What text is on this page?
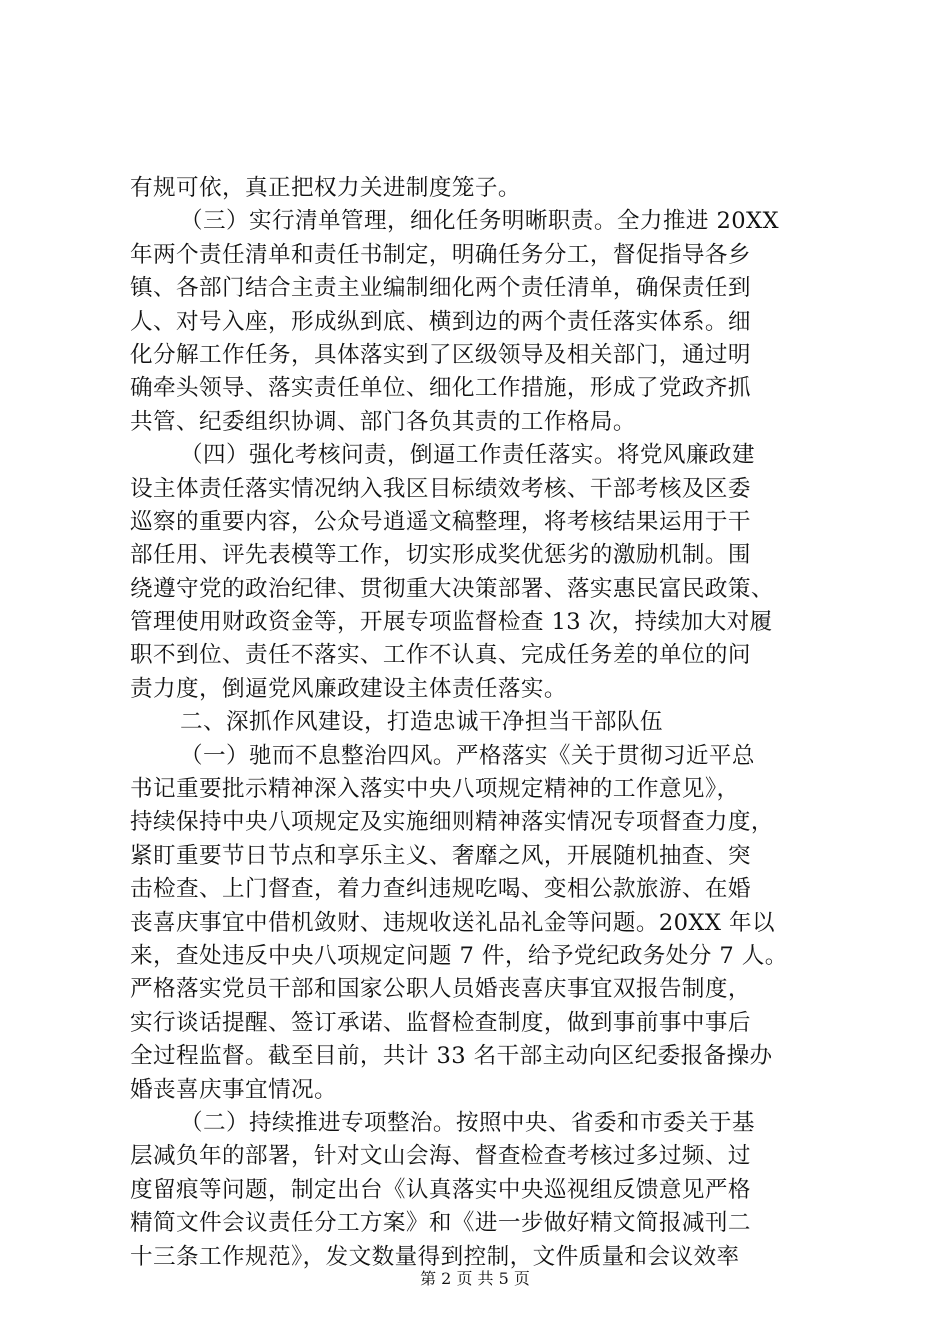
有规可依，真正把权力关进制度笼子。
（三）实行清单管理，细化任务明晰职责。全力推进 20XX
年两个责任清单和责任书制定，明确任务分工，督促指导各乡
镇、各部门结合主责主业编制细化两个责任清单，确保责任到
人、对号入座，形成纵到底、横到边的两个责任落实体系。细
化分解工作任务，具体落实到了区级领导及相关部门，通过明
确牵头领导、落实责任单位、细化工作措施，形成了党政齐抓
共管、纪委组织协调、部门各负其责的工作格局。
（四）强化考核问责，倒逼工作责任落实。将党风廉政建
设主体责任落实情况纳入我区目标绩效考核、干部考核及区委
巡察的重要内容，公众号逍遥文稿整理，将考核结果运用于干
部任用、评先表模等工作，切实形成奖优惩劣的激励机制。围
绕遵守党的政治纪律、贯彻重大决策部署、落实惠民富民政策、
管理使用财政资金等，开展专项监督检查 13 次，持续加大对履
职不到位、责任不落实、工作不认真、完成任务差的单位的问
责力度，倒逼党风廉政建设主体责任落实。
二、深抓作风建设，打造忠诚干净担当干部队伍
（一）驰而不息整治四风。严格落实《关于贯彻习近平总
书记重要批示精神深入落实中央八项规定精神的工作意见》，
持续保持中央八项规定及实施细则精神落实情况专项督查力度，
紧盯重要节日节点和享乐主义、奢靡之风，开展随机抽查、突
击检查、上门督查，着力查纠违规吃喝、变相公款旅游、在婚
丧喜庆事宜中借机敛财、违规收送礼品礼金等问题。20XX 年以
来，查处违反中央八项规定问题 7 件，给予党纪政务处分 7 人。
严格落实党员干部和国家公职人员婚丧喜庆事宜双报告制度，
实行谈话提醒、签订承诺、监督检查制度，做到事前事中事后
全过程监督。截至目前，共计 33 名干部主动向区纪委报备操办
婚丧喜庆事宜情况。
（二）持续推进专项整治。按照中央、省委和市委关于基
层减负年的部署，针对文山会海、督查检查考核过多过频、过
度留痕等问题，制定出台《认真落实中央巡视组反馈意见严格
精简文件会议责任分工方案》和《进一步做好精文简报减刊二
十三条工作规范》，发文数量得到控制，文件质量和会议效率
第 2 页 共 5 页
